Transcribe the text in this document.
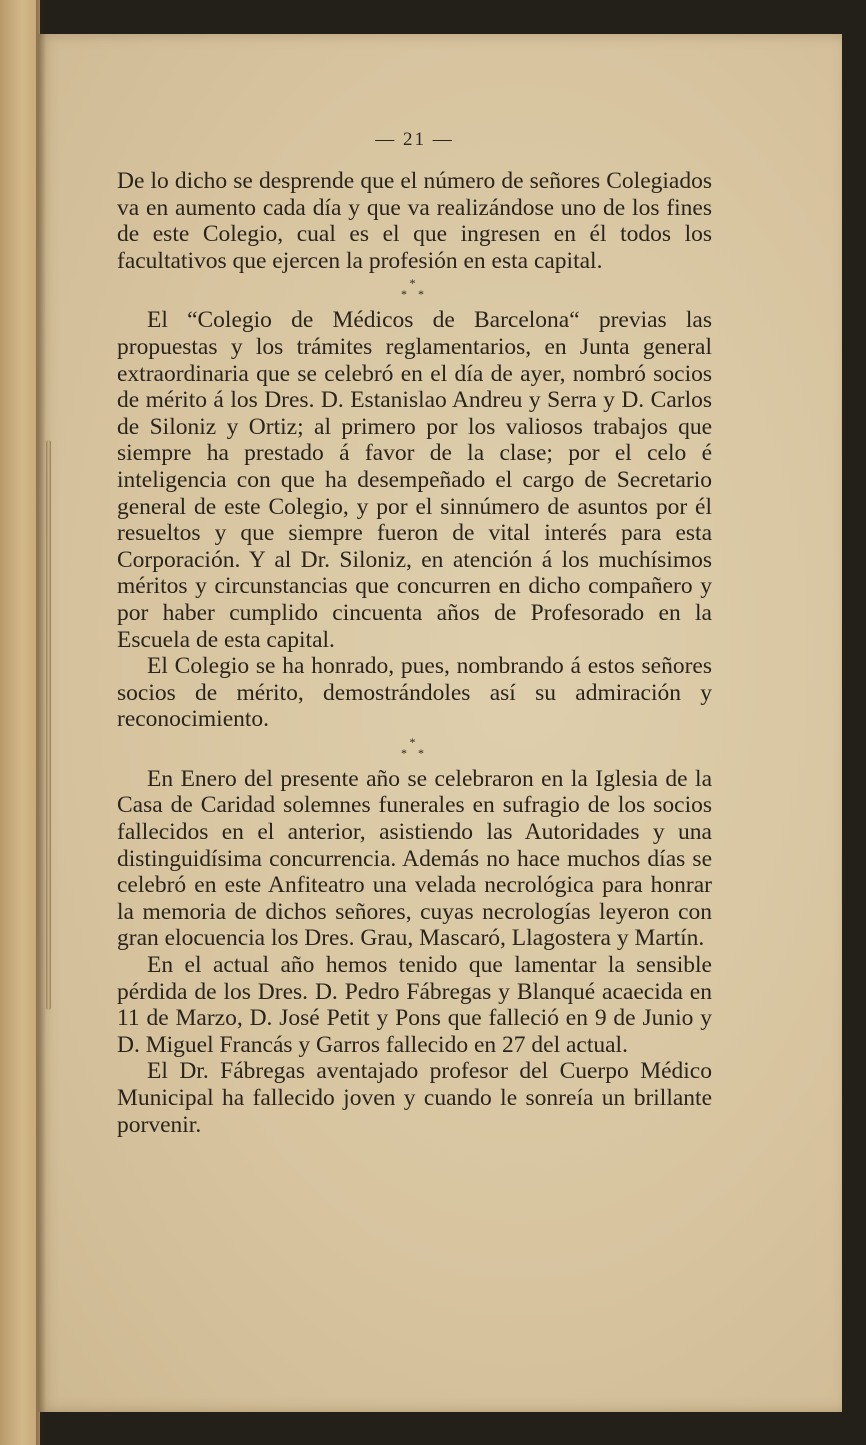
— 21 —

De lo dicho se desprende que el número de señores Colegiados va en aumento cada día y que va realizándose uno de los fines de este Colegio, cual es el que ingresen en él todos los facultativos que ejercen la profesión en esta capital.

*
* *

El “Colegio de Médicos de Barcelona“ previas las propuestas y los trámites reglamentarios, en Junta general extraordinaria que se celebró en el día de ayer, nombró socios de mérito á los Dres. D. Estanislao Andreu y Serra y D. Carlos de Siloniz y Ortiz; al primero por los valiosos trabajos que siempre ha prestado á favor de la clase; por el celo é inteligencia con que ha desempeñado el cargo de Secretario general de este Colegio, y por el sinnúmero de asuntos por él resueltos y que siempre fueron de vital interés para esta Corporación. Y al Dr. Siloniz, en atención á los muchísimos méritos y circunstancias que concurren en dicho compañero y por haber cumplido cincuenta años de Profesorado en la Escuela de esta capital.

El Colegio se ha honrado, pues, nombrando á estos señores socios de mérito, demostrándoles así su admiración y reconocimiento.

*
* *

En Enero del presente año se celebraron en la Iglesia de la Casa de Caridad solemnes funerales en sufragio de los socios fallecidos en el anterior, asistiendo las Autoridades y una distinguidísima concurrencia. Además no hace muchos días se celebró en este Anfiteatro una velada necrológica para honrar la memoria de dichos señores, cuyas necrologías leyeron con gran elocuencia los Dres. Grau, Mascaró, Llagostera y Martín.

En el actual año hemos tenido que lamentar la sensible pérdida de los Dres. D. Pedro Fábregas y Blanqué acaecida en 11 de Marzo, D. José Petit y Pons que falleció en 9 de Junio y D. Miguel Francás y Garros fallecido en 27 del actual.

El Dr. Fábregas aventajado profesor del Cuerpo Médico Municipal ha fallecido joven y cuando le sonreía un brillante porvenir.
